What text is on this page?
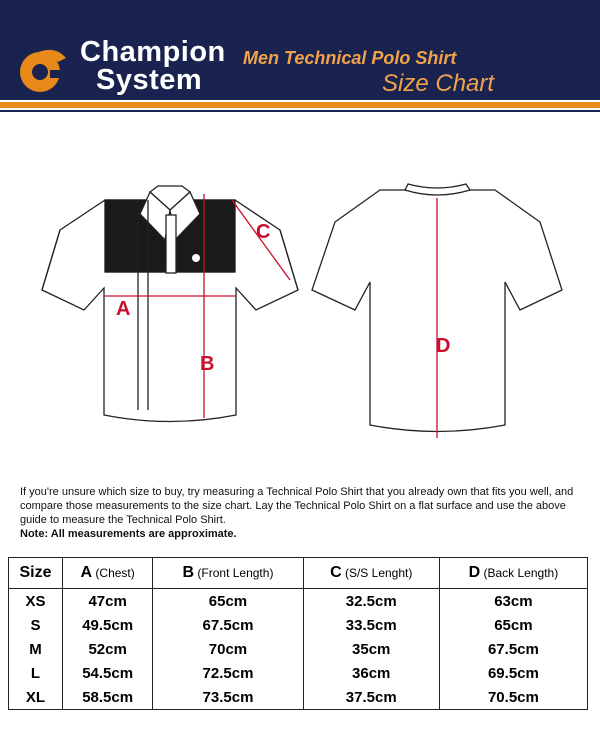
Champion
System
Men Technical Polo Shirt
Size Chart
A
B
C
D
If you're unsure which size to buy, try measuring a Technical Polo Shirt that you already own that fits you well, and compare those measurements to the size chart. Lay the Technical Polo Shirt on a flat surface and use the above guide to measure the Technical Polo Shirt.
Note: All measurements are approximate.
Size	A (Chest)	B (Front Length)	C (S/S Lenght)	D (Back Length)
XS	47cm	65cm	32.5cm	63cm
S	49.5cm	67.5cm	33.5cm	65cm
M	52cm	70cm	35cm	67.5cm
L	54.5cm	72.5cm	36cm	69.5cm
XL	58.5cm	73.5cm	37.5cm	70.5cm
